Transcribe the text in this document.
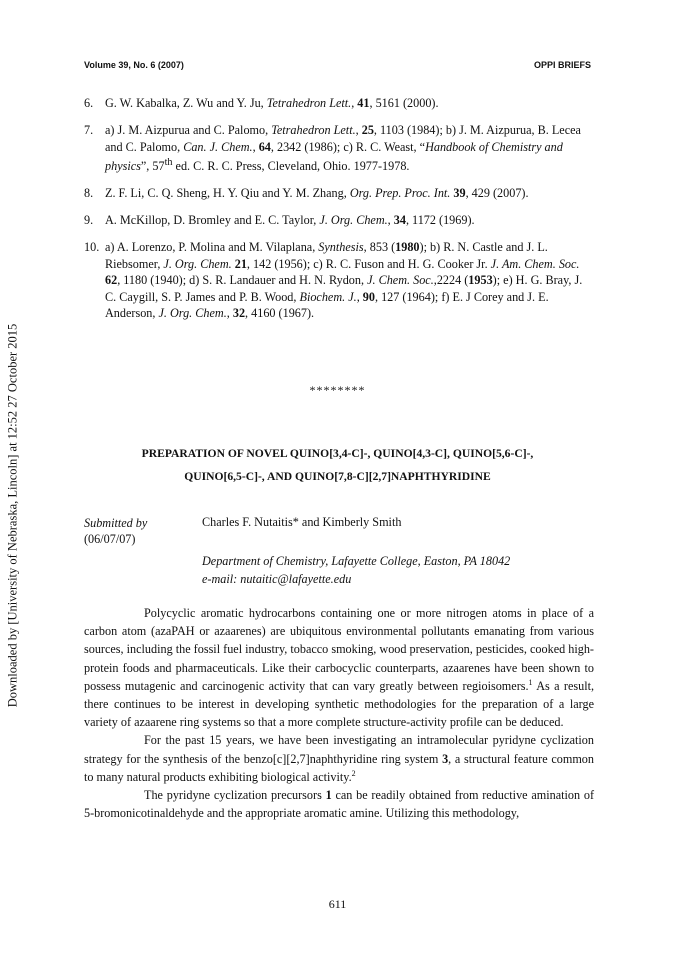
Volume 39, No. 6 (2007)	OPPI BRIEFS
Downloaded by [University of Nebraska, Lincoln] at 12:52 27 October 2015
6. G. W. Kabalka, Z. Wu and Y. Ju, Tetrahedron Lett., 41, 5161 (2000).
7. a) J. M. Aizpurua and C. Palomo, Tetrahedron Lett., 25, 1103 (1984); b) J. M. Aizpurua, B. Lecea and C. Palomo, Can. J. Chem., 64, 2342 (1986); c) R. C. Weast, “Handbook of Chemistry and physics”, 57th ed. C. R. C. Press, Cleveland, Ohio. 1977-1978.
8. Z. F. Li, C. Q. Sheng, H. Y. Qiu and Y. M. Zhang, Org. Prep. Proc. Int. 39, 429 (2007).
9. A. McKillop, D. Bromley and E. C. Taylor, J. Org. Chem., 34, 1172 (1969).
10. a) A. Lorenzo, P. Molina and M. Vilaplana, Synthesis, 853 (1980); b) R. N. Castle and J. L. Riebsomer, J. Org. Chem. 21, 142 (1956); c) R. C. Fuson and H. G. Cooker Jr. J. Am. Chem. Soc. 62, 1180 (1940); d) S. R. Landauer and H. N. Rydon, J. Chem. Soc.,2224 (1953); e) H. G. Bray, J. C. Caygill, S. P. James and P. B. Wood, Biochem. J., 90, 127 (1964); f) E. J Corey and J. E. Anderson, J. Org. Chem., 32, 4160 (1967).
********
PREPARATION OF NOVEL QUINO[3,4-C]-, QUINO[4,3-C], QUINO[5,6-C]-,
QUINO[6,5-C]-, AND QUINO[7,8-C][2,7]NAPHTHYRIDINE
Submitted by
(06/07/07)
Charles F. Nutaitis* and Kimberly Smith
Department of Chemistry, Lafayette College, Easton, PA 18042
e-mail: nutaitic@lafayette.edu

Polycyclic aromatic hydrocarbons containing one or more nitrogen atoms in place of a carbon atom (azaPAH or azaarenes) are ubiquitous environmental pollutants emanating from various sources, including the fossil fuel industry, tobacco smoking, wood preservation, pesticides, cooked high-protein foods and pharmaceuticals. Like their carbocyclic counterparts, azaarenes have been shown to possess mutagenic and carcinogenic activity that can vary greatly between regioisomers.$^1$ As a result, there continues to be interest in developing synthetic methodologies for the preparation of a large variety of azaarene ring systems so that a more complete structure-activity profile can be deduced.

For the past 15 years, we have been investigating an intramolecular pyridyne cyclization strategy for the synthesis of the benzo[c][2,7]naphthyridine ring system 3, a structural feature common to many natural products exhibiting biological activity.$^2$

The pyridyne cyclization precursors 1 can be readily obtained from reductive amination of 5-bromonicotinaldehyde and the appropriate aromatic amine. Utilizing this methodology,

611
